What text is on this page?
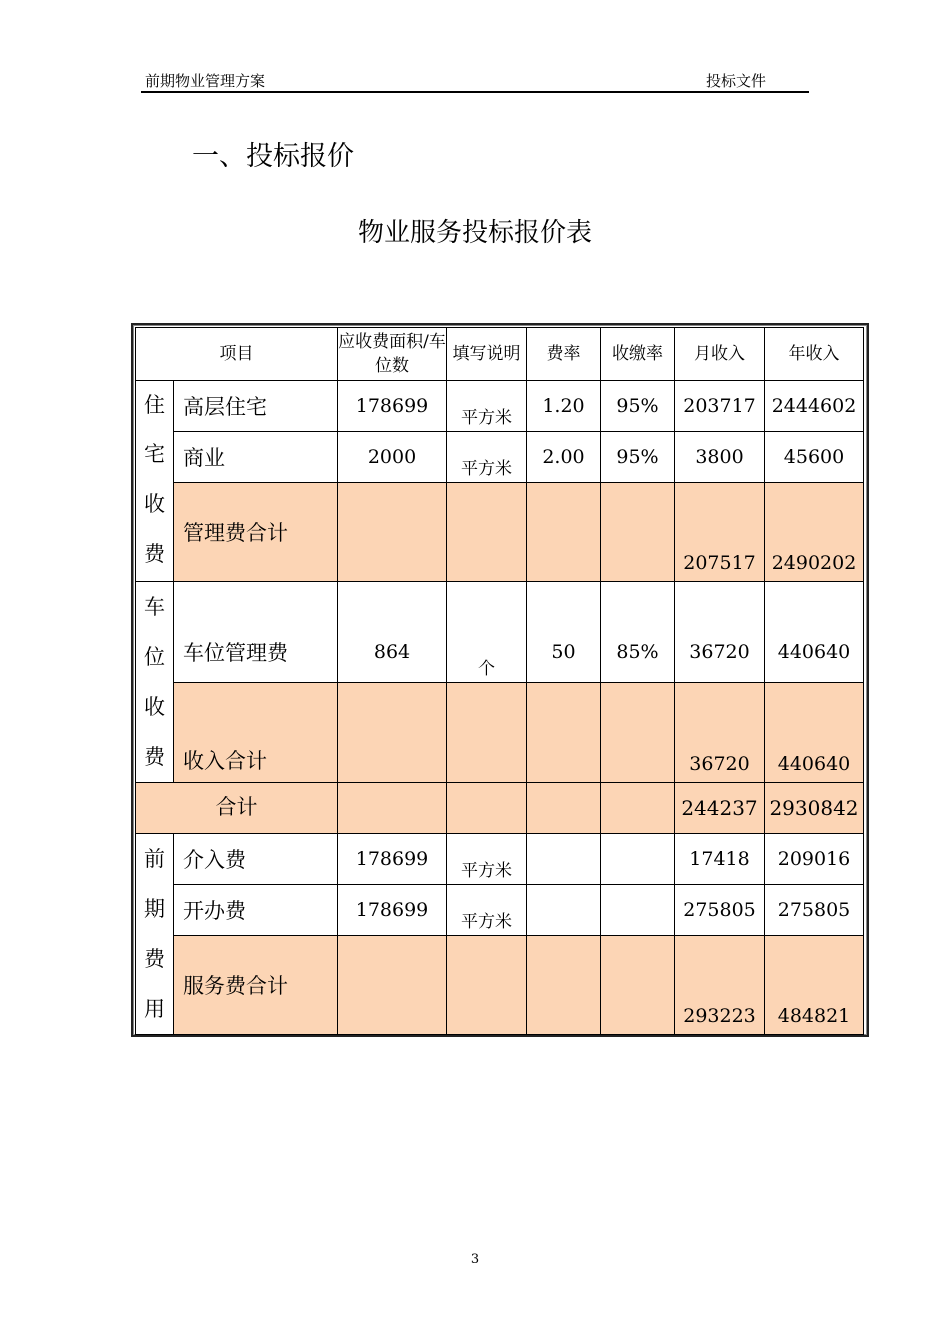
前期物业管理方案	投标文件
一、投标报价
物业服务投标报价表
项目		应收费面积/车位数	填写说明	费率	收缴率	月收入	年收入

住
宅
收
费	高层住宅	178699	平方米	1.20	95%	203717	2444602
	商业	2000	平方米	2.00	95%	3800	45600
	管理费合计					207517	2490202

车
位
收
费	车位管理费	864	个	50	85%	36720	440640
	收入合计					36720	440640
合计						244237	2930842

前
期
费
用	介入费	178699	平方米			17418	209016
	开办费	178699	平方米			275805	275805
	服务费合计					293223	484821
3
